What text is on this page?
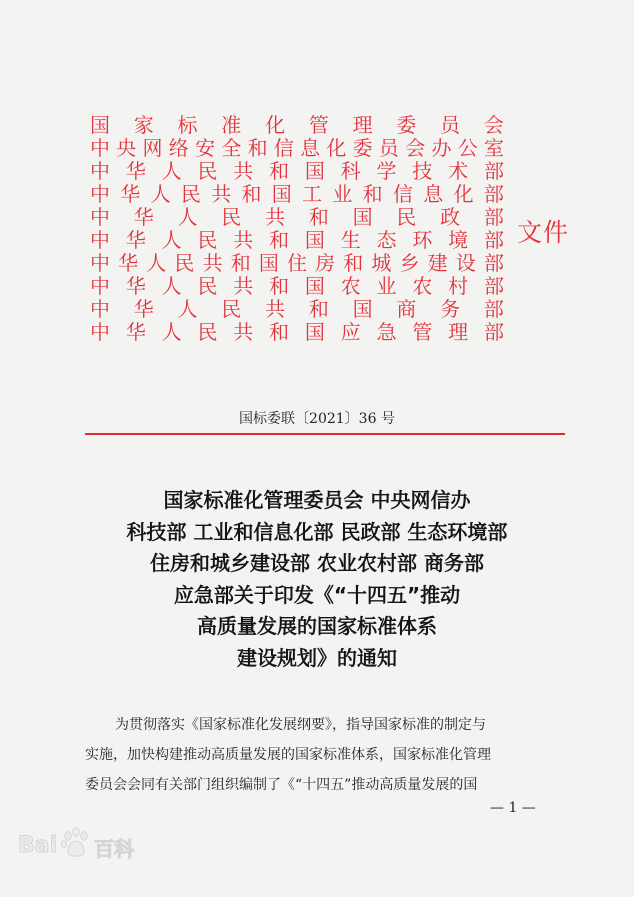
国 家 标 准 化 管 理 委 员 会
中 央 网 络 安 全 和 信 息 化 委 员 会 办 公 室
中 华 人 民 共 和 国 科 学 技 术 部
中 华 人 民 共 和 国 工 业 和 信 息 化 部
中 华 人 民 共 和 国 民 政 部
中 华 人 民 共 和 国 生 态 环 境 部
中 华 人 民 共 和 国 住 房 和 城 乡 建 设 部
中 华 人 民 共 和 国 农 业 农 村 部
中 华 人 民 共 和 国 商 务 部
中 华 人 民 共 和 国 应 急 管 理 部
文件
国标委联〔2021〕36 号
国家标准化管理委员会 中央网信办
科技部 工业和信息化部 民政部 生态环境部
住房和城乡建设部 农业农村部 商务部
应急部关于印发《“十四五”推动
高质量发展的国家标准体系
建设规划》的通知
为贯彻落实《国家标准化发展纲要》，指导国家标准的制定与
实施，加快构建推动高质量发展的国家标准体系，国家标准化管理
委员会会同有关部门组织编制了《“十四五”推动高质量发展的国
— 1 —
Bai 百科
